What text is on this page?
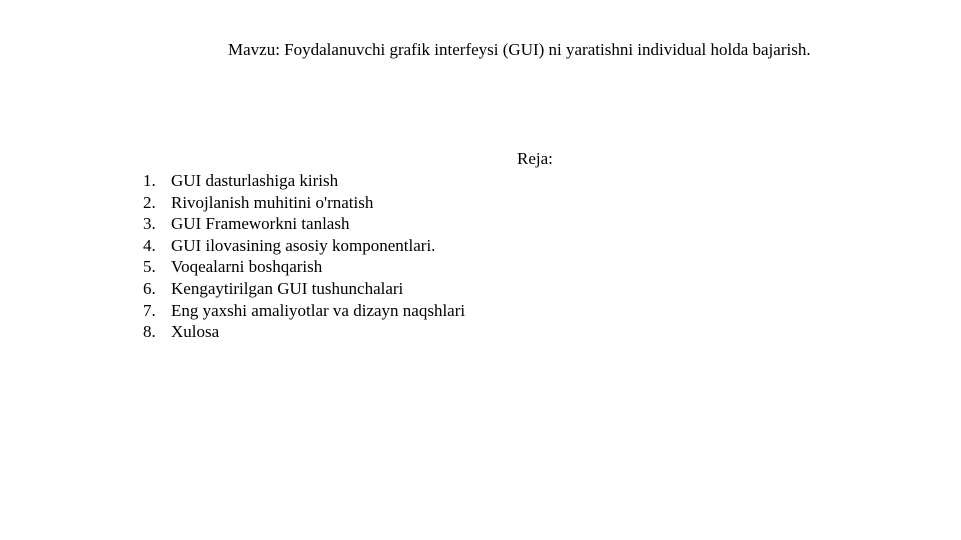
Mavzu: Foydalanuvchi grafik interfeysi (GUI) ni yaratishni individual holda bajarish.
Reja:
1. GUI dasturlashiga kirish
2. Rivojlanish muhitini o'rnatish
3. GUI Frameworkni tanlash
4. GUI ilovasining asosiy komponentlari.
5. Voqealarni boshqarish
6. Kengaytirilgan GUI tushunchalari
7. Eng yaxshi amaliyotlar va dizayn naqshlari
8. Xulosa
